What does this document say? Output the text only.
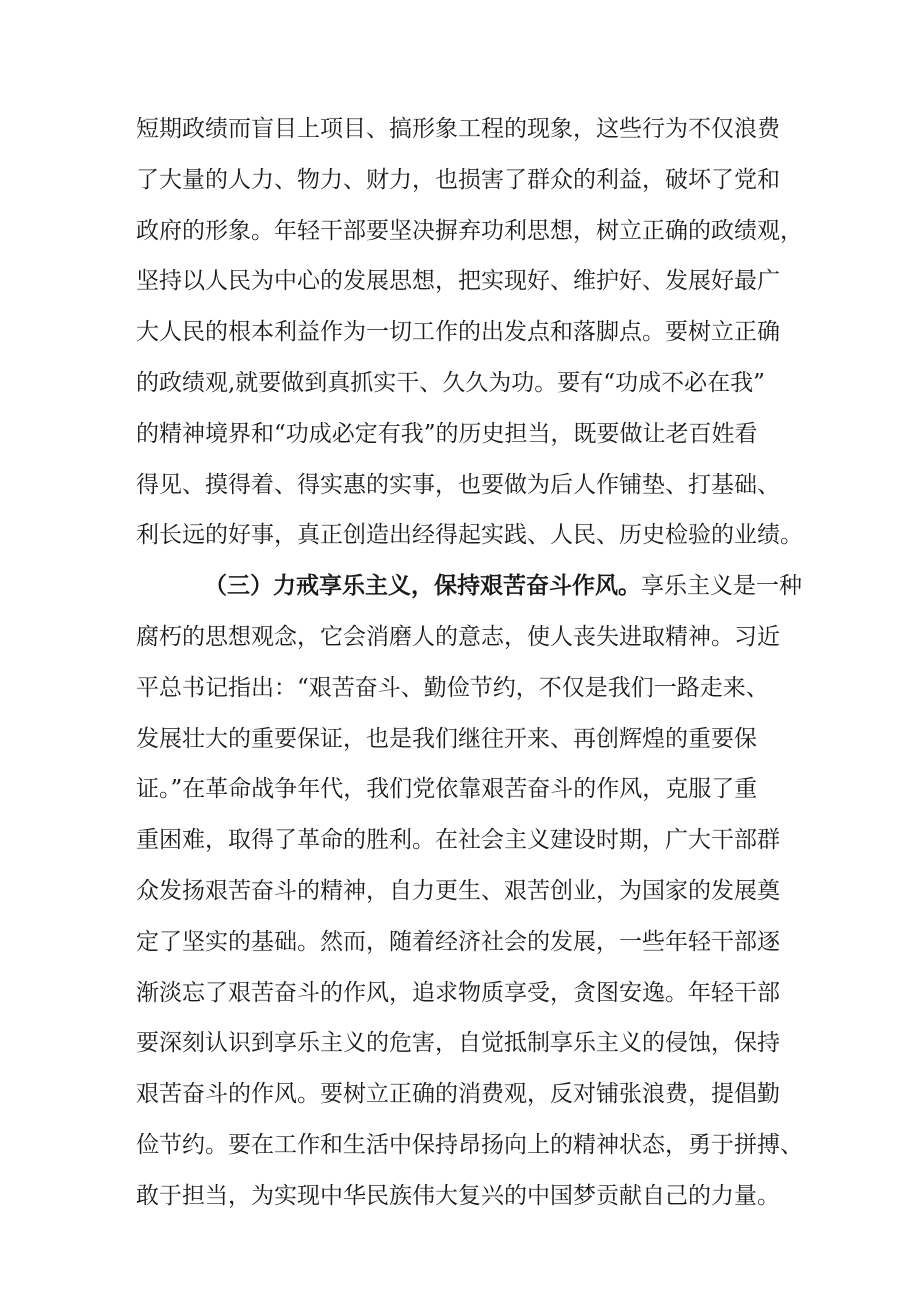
短期政绩而盲目上项目、搞形象工程的现象，这些行为不仅浪费
了大量的人力、物力、财力，也损害了群众的利益，破坏了党和
政府的形象。年轻干部要坚决摒弃功利思想，树立正确的政绩观，
坚持以人民为中心的发展思想，把实现好、维护好、发展好最广
大人民的根本利益作为一切工作的出发点和落脚点。要树立正确
的政绩观,就要做到真抓实干、久久为功。要有“功成不必在我”
的精神境界和“功成必定有我”的历史担当，既要做让老百姓看
得见、摸得着、得实惠的实事，也要做为后人作铺垫、打基础、
利长远的好事，真正创造出经得起实践、人民、历史检验的业绩。
（三）力戒享乐主义，保持艰苦奋斗作风。享乐主义是一种
腐朽的思想观念，它会消磨人的意志，使人丧失进取精神。习近
平总书记指出：“艰苦奋斗、勤俭节约，不仅是我们一路走来、
发展壮大的重要保证，也是我们继往开来、再创辉煌的重要保
证。”在革命战争年代，我们党依靠艰苦奋斗的作风，克服了重
重困难，取得了革命的胜利。在社会主义建设时期，广大干部群
众发扬艰苦奋斗的精神，自力更生、艰苦创业，为国家的发展奠
定了坚实的基础。然而，随着经济社会的发展，一些年轻干部逐
渐淡忘了艰苦奋斗的作风，追求物质享受，贪图安逸。年轻干部
要深刻认识到享乐主义的危害，自觉抵制享乐主义的侵蚀，保持
艰苦奋斗的作风。要树立正确的消费观，反对铺张浪费，提倡勤
俭节约。要在工作和生活中保持昂扬向上的精神状态，勇于拼搏、
敢于担当，为实现中华民族伟大复兴的中国梦贡献自己的力量。
